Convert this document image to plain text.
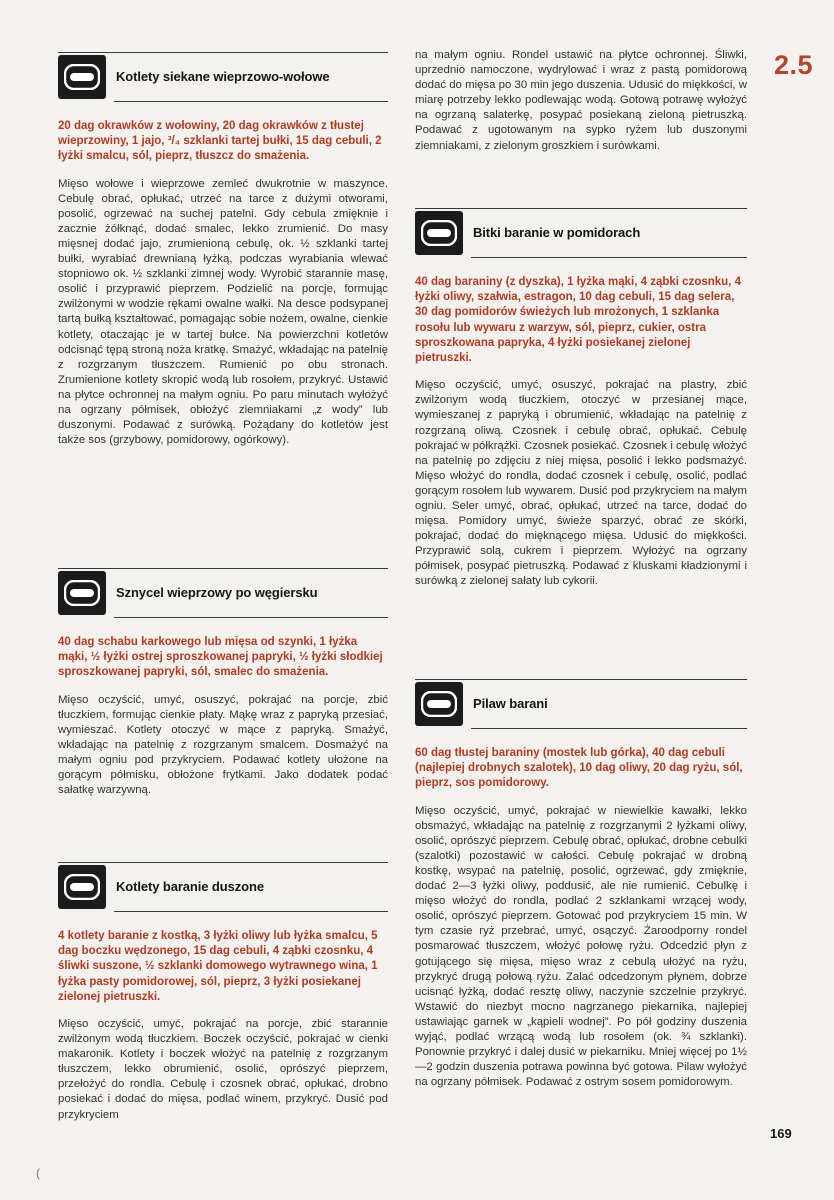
2.5
Kotlety siekane wieprzowo-wołowe
20 dag okrawków z wołowiny, 20 dag okrawków z tłustej wieprzowiny, 1 jajo, ³/₄ szklanki tartej bułki, 15 dag cebuli, 2 łyżki smalcu, sól, pieprz, tłuszcz do smażenia.
Mięso wołowe i wieprzowe zemleć dwukrotnie w maszynce. Cebulę obrać, opłukać, utrzeć na tarce z dużymi otworami, posolić, ogrzewać na suchej patelni. Gdy cebula zmięknie i zacznie żółknąć, dodać smalec, lekko zrumienić. Do masy mięsnej dodać jajo, zrumienioną cebulę, ok. ½ szklanki tartej bułki, wyrabiać drewnianą łyżką, podczas wyrabiania wlewać stopniowo ok. ½ szklanki zimnej wody. Wyrobić starannie masę, osolić i przyprawić pieprzem. Podzielić na porcje, formując zwilżonymi w wodzie rękami owalne wałki. Na desce podsypanej tartą bułką kształtować, pomagając sobie nożem, owalne, cienkie kotlety, otaczając je w tartej bułce. Na powierzchni kotletów odcisnąć tępą stroną noża kratkę. Smażyć, wkładając na patelnię z rozgrzanym tłuszczem. Rumienić po obu stronach. Zrumienione kotlety skropić wodą lub rosołem, przykryć. Ustawić na płytce ochronnej na małym ogniu. Po paru minutach wyłożyć na ogrzany półmisek, obłożyć ziemniakami „z wody” lub duszonymi. Podawać z surówką. Pożądany do kotletów jest także sos (grzybowy, pomidorowy, ogórkowy).
Sznycel wieprzowy po węgiersku
40 dag schabu karkowego lub mięsa od szynki, 1 łyżka mąki, ½ łyżki ostrej sproszkowanej papryki, ½ łyżki słodkiej sproszkowanej papryki, sól, smalec do smażenia.
Mięso oczyścić, umyć, osuszyć, pokrajać na porcje, zbić tłuczkiem, formując cienkie płaty. Mąkę wraz z papryką przesiać, wymieszać. Kotlety otoczyć w mące z papryką. Smażyć, wkładając na patelnię z rozgrzanym smalcem. Dosmażyć na małym ogniu pod przykryciem. Podawać kotlety ułożone na gorącym półmisku, obłożone frytkami. Jako dodatek podać sałatkę warzywną.
Kotlety baranie duszone
4 kotlety baranie z kostką, 3 łyżki oliwy lub łyżka smalcu, 5 dag boczku wędzonego, 15 dag cebuli, 4 ząbki czosnku, 4 śliwki suszone, ½ szklanki domowego wytrawnego wina, 1 łyżka pasty pomidorowej, sól, pieprz, 3 łyżki posiekanej zielonej pietruszki.
Mięso oczyścić, umyć, pokrajać na porcje, zbić starannie zwilżonym wodą tłuczkiem. Boczek oczyścić, pokrajać w cienki makaronik. Kotlety i boczek włożyć na patelnię z rozgrzanym tłuszczem, lekko obrumienić, osolić, oprószyć pieprzem, przełożyć do rondla. Cebulę i czosnek obrać, opłukać, drobno posiekać i dodać do mięsa, podlać winem, przykryć. Dusić pod przykryciem
na małym ogniu. Rondel ustawić na płytce ochronnej. Śliwki, uprzednio namoczone, wydrylować i wraz z pastą pomidorową dodać do mięsa po 30 min jego duszenia. Udusić do miękkości, w miarę potrzeby lekko podlewając wodą. Gotową potrawę wyłożyć na ogrzaną salaterkę, posypać posiekaną zieloną pietruszką. Podawać z ugotowanym na sypko ryżem lub duszonymi ziemniakami, z zielonym groszkiem i surówkami.
Bitki baranie w pomidorach
40 dag baraniny (z dyszka), 1 łyżka mąki, 4 ząbki czosnku, 4 łyżki oliwy, szałwia, estragon, 10 dag cebuli, 15 dag selera, 30 dag pomidorów świeżych lub mrożonych, 1 szklanka rosołu lub wywaru z warzyw, sól, pieprz, cukier, ostra sproszkowana papryka, 4 łyżki posiekanej zielonej pietruszki.
Mięso oczyścić, umyć, osuszyć, pokrajać na plastry, zbić zwilżonym wodą tłuczkiem, otoczyć w przesianej mące, wymieszanej z papryką i obrumienić, wkładając na patelnię z rozgrzaną oliwą. Czosnek i cebulę obrać, opłukać. Cebulę pokrajać w półkrążki. Czosnek posiekać. Czosnek i cebulę włożyć na patelnię po zdjęciu z niej mięsa, posolić i lekko podsmażyć. Mięso włożyć do rondla, dodać czosnek i cebulę, osolić, podlać gorącym rosołem lub wywarem. Dusić pod przykryciem na małym ogniu. Seler umyć, obrać, opłukać, utrzeć na tarce, dodać do mięsa. Pomidory umyć, świeże sparzyć, obrać ze skórki, pokrajać, dodać do mięknącego mięsa. Udusić do miękkości. Przyprawić solą, cukrem i pieprzem. Wyłożyć na ogrzany półmisek, posypać pietruszką. Podawać z kluskami kładzionymi i surówką z zielonej sałaty lub cykorii.
Pilaw barani
60 dag tłustej baraniny (mostek lub górka), 40 dag cebuli (najlepiej drobnych szalotek), 10 dag oliwy, 20 dag ryżu, sól, pieprz, sos pomidorowy.
Mięso oczyścić, umyć, pokrajać w niewielkie kawałki, lekko obsmażyć, wkładając na patelnię z rozgrzanymi 2 łyżkami oliwy, osolić, oprószyć pieprzem. Cebulę obrać, opłukać, drobne cebulki (szalotki) pozostawić w całości. Cebulę pokrajać w drobną kostkę, wsypać na patelnię, posolić, ogrzewać, gdy zmięknie, dodać 2—3 łyżki oliwy, poddusić, ale nie rumienić. Cebulkę i mięso włożyć do rondla, podlać 2 szklankami wrzącej wody, osolić, oprószyć pieprzem. Gotować pod przykryciem 15 min. W tym czasie ryż przebrać, umyć, osączyć. Żaroodporny rondel posmarować tłuszczem, włożyć połowę ryżu. Odcedzić płyn z gotującego się mięsa, mięso wraz z cebulą ułożyć na ryżu, przykryć drugą połową ryżu. Zalać odcedzonym płynem, dobrze ucisnąć łyżką, dodać resztę oliwy, naczynie szczelnie przykryć. Wstawić do niezbyt mocno nagrzanego piekarnika, najlepiej ustawiając garnek w „kąpieli wodnej”. Po pół godziny duszenia wyjąć, podlać wrzącą wodą lub rosołem (ok. ¾ szklanki). Ponownie przykryć i dalej dusić w piekarniku. Mniej więcej po 1½—2 godzin duszenia potrawa powinna być gotowa. Pilaw wyłożyć na ogrzany półmisek. Podawać z ostrym sosem pomidorowym.
169
(
